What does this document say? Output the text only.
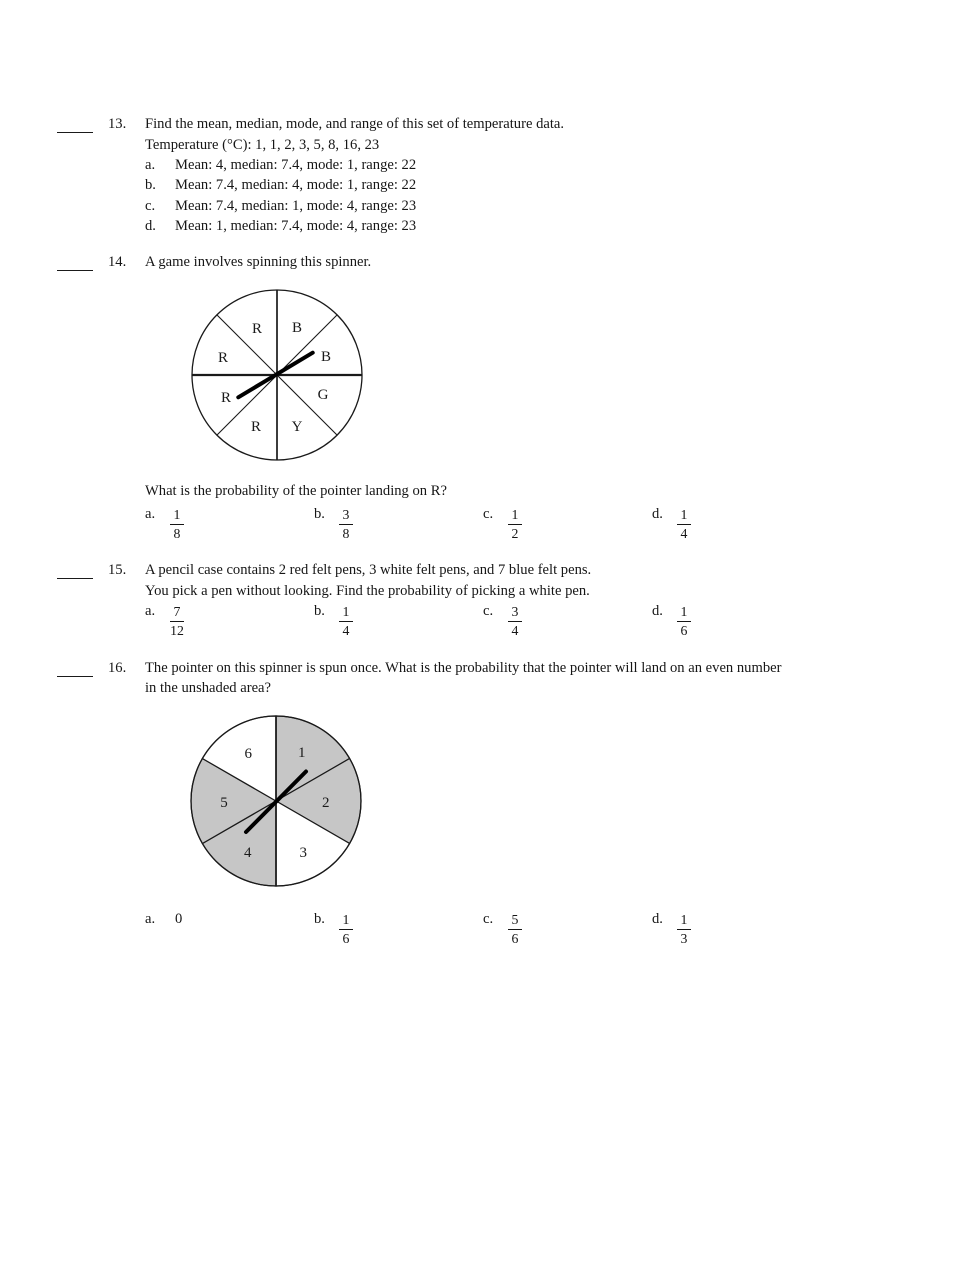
13. Find the mean, median, mode, and range of this set of temperature data.
Temperature (°C): 1, 1, 2, 3, 5, 8, 16, 23
a. Mean: 4, median: 7.4, mode: 1, range: 22
b. Mean: 7.4, median: 4, mode: 1, range: 22
c. Mean: 7.4, median: 1, mode: 4, range: 23
d. Mean: 1, median: 7.4, mode: 4, range: 23
14. A game involves spinning this spinner.
R B
R	B
R	G
R Y
What is the probability of the pointer landing on R?
a. $\frac{1}{8}$	b. $\frac{3}{8}$	c. $\frac{1}{2}$	d. $\frac{1}{4}$
15. A pencil case contains 2 red felt pens, 3 white felt pens, and 7 blue felt pens.
You pick a pen without looking. Find the probability of picking a white pen.
a. $\frac{7}{12}$	b. $\frac{1}{4}$	c. $\frac{3}{4}$	d. $\frac{1}{6}$
16. The pointer on this spinner is spun once. What is the probability that the pointer will land on an even number
in the unshaded area?
1
2
3
4
5
6
a. 0	b. $\frac{1}{6}$	c. $\frac{5}{6}$	d. $\frac{1}{3}$
